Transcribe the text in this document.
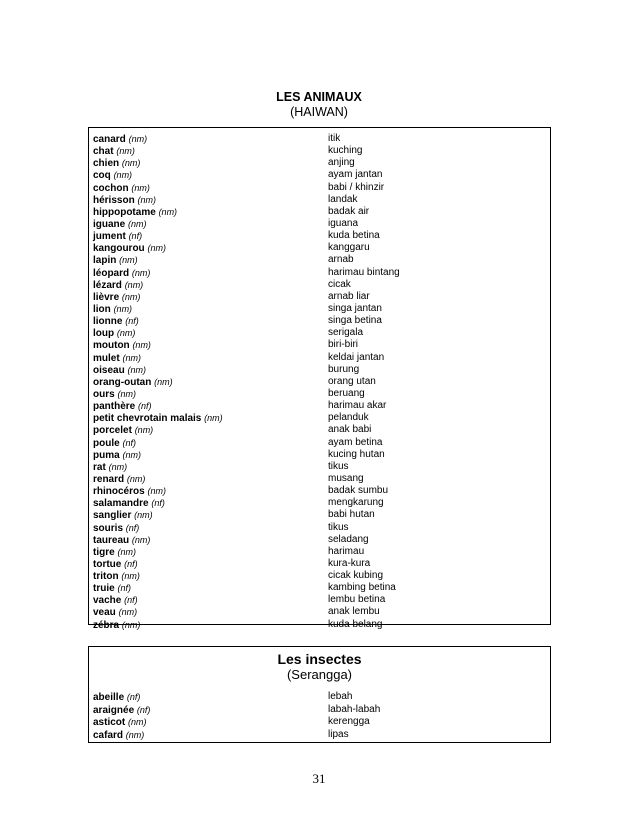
LES ANIMAUX
(HAIWAN)
canard (nm)	itik
chat (nm)	kuching
chien (nm)	anjing
coq (nm)	ayam jantan
cochon (nm)	babi / khinzir
hérisson (nm)	landak
hippopotame (nm)	badak air
iguane (nm)	iguana
jument (nf)	kuda betina
kangourou (nm)	kanggaru
lapin (nm)	arnab
léopard (nm)	harimau bintang
lézard (nm)	cicak
lièvre (nm)	arnab liar
lion (nm)	singa jantan
lionne (nf)	singa betina
loup (nm)	serigala
mouton (nm)	biri-biri
mulet (nm)	keldai jantan
oiseau (nm)	burung
orang-outan (nm)	orang utan
ours (nm)	beruang
panthère (nf)	harimau akar
petit chevrotain malais (nm)	pelanduk
porcelet (nm)	anak babi
poule (nf)	ayam betina
puma (nm)	kucing hutan
rat (nm)	tikus
renard (nm)	musang
rhinocéros (nm)	badak sumbu
salamandre (nf)	mengkarung
sanglier (nm)	babi hutan
souris (nf)	tikus
taureau (nm)	seladang
tigre (nm)	harimau
tortue (nf)	kura-kura
triton (nm)	cicak kubing
truie (nf)	kambing betina
vache (nf)	lembu betina
veau (nm)	anak lembu
zébra (nm)	kuda belang
Les insectes
(Serangga)
abeille (nf)	lebah
araignée (nf)	labah-labah
asticot (nm)	kerengga
cafard (nm)	lipas
31
